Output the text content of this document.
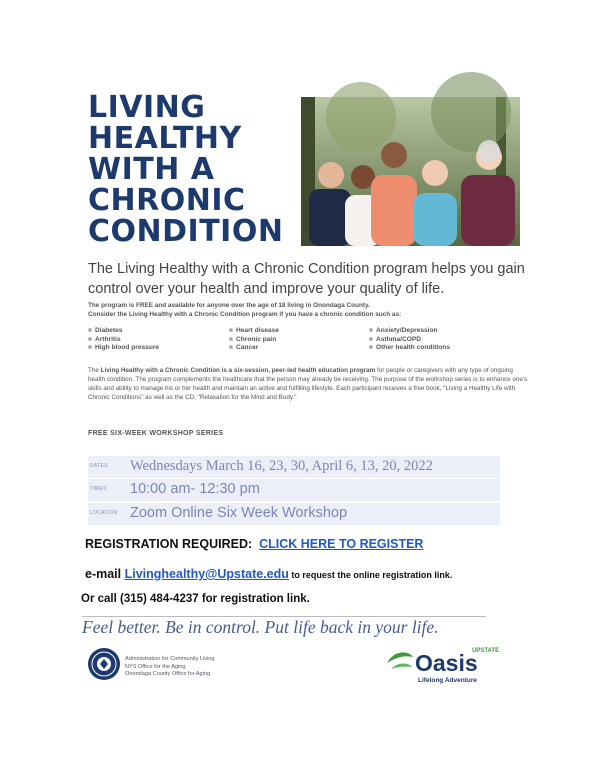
LIVING
HEALTHY
WITH A
CHRONIC
CONDITION
The Living Healthy with a Chronic Condition program helps you gain control over your health and improve your quality of life.
The program is FREE and available for anyone over the age of 18 living in Onondaga County.
Consider the Living Healthy with a Chronic Condition program if you have a chronic condition such as:
■ Diabetes
■ Arthritis
■ High blood pressure
■ Heart disease
■ Chronic pain
■ Cancer
■ Anxiety/Depression
■ Asthma/COPD
■ Other health conditions
The Living Healthy with a Chronic Condition is a six-session, peer-led health education program for people or caregivers with any type of ongoing health condition. The program complements the healthcare that the person may already be receiving. The purpose of the workshop series is to enhance one's skills and ability to manage his or her health and maintain an active and fulfilling lifestyle. Each participant receives a free book, "Living a Healthy Life with Chronic Conditions" as well as the CD, "Relaxation for the Mind and Body."
FREE SIX-WEEK WORKSHOP SERIES
DATES Wednesdays March 16, 23, 30, April 6, 13, 20, 2022
TIMES 10:00 am- 12:30 pm
LOCATION Zoom Online Six Week Workshop
REGISTRATION REQUIRED: CLICK HERE TO REGISTER
e-mail Livinghealthy@Upstate.edu to request the online registration link.
Or call (315) 484-4237 for registration link.
Feel better. Be in control. Put life back in your life.
Administration for Community Living
NYS Office for the Aging
Onondaga County Office for Aging
UPSTATE
Oasis
Lifelong Adventure
